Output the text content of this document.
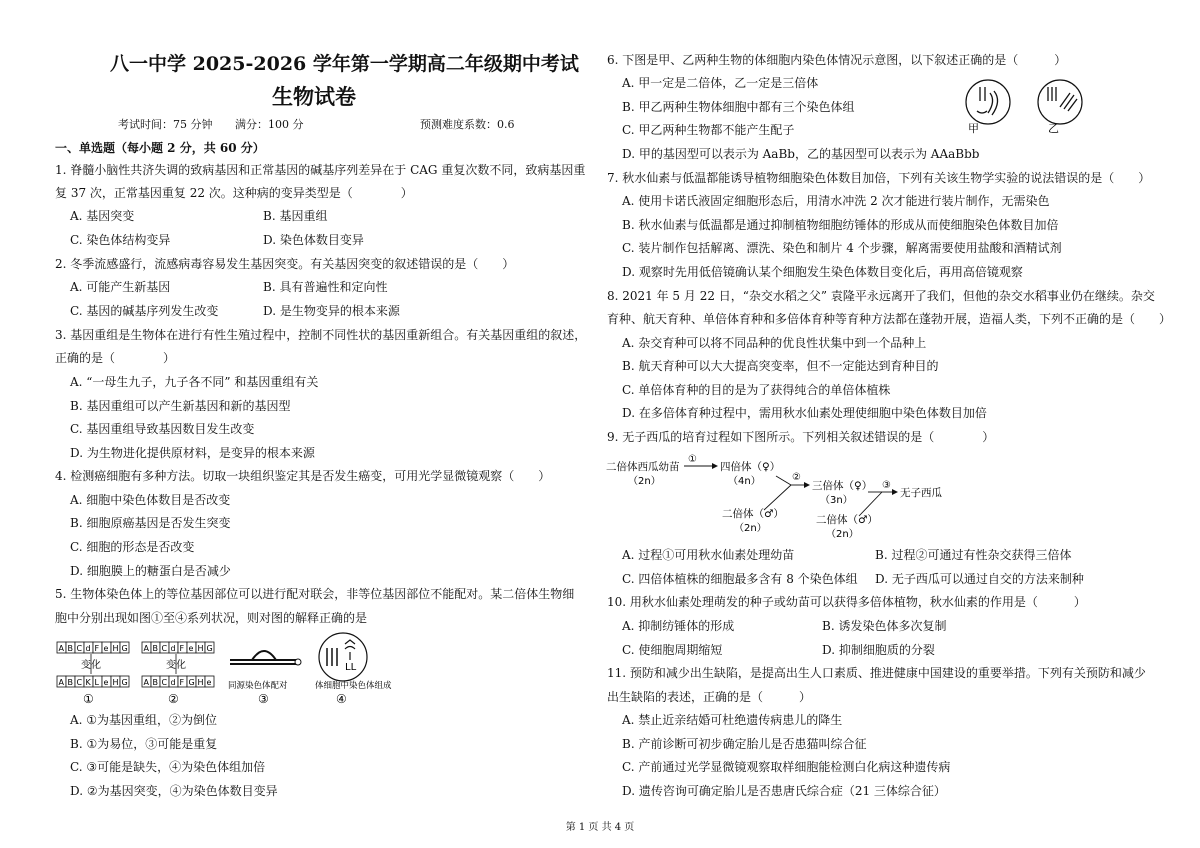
八一中学 2025-2026 学年第一学期高二年级期中考试
生物试卷
考试时间：75 分钟 满分：100 分	预测难度系数：0.6
一、单选题（每小题 2 分，共 60 分）
1. 脊髓小脑性共济失调的致病基因和正常基因的碱基序列差异在于 CAG 重复次数不同，致病基因重
复 37 次，正常基因重复 22 次。这种病的变异类型是（　　　　）
A. 基因突变	B. 基因重组
C. 染色体结构变异	D. 染色体数目变异
2. 冬季流感盛行，流感病毒容易发生基因突变。有关基因突变的叙述错误的是（　　）
A. 可能产生新基因	B. 具有普遍性和定向性
C. 基因的碱基序列发生改变	D. 是生物变异的根本来源
3. 基因重组是生物体在进行有性生殖过程中，控制不同性状的基因重新组合。有关基因重组的叙述，
正确的是（　　　　）
A. “一母生九子，九子各不同” 和基因重组有关
B. 基因重组可以产生新基因和新的基因型
C. 基因重组导致基因数目发生改变
D. 为生物进化提供原材料，是变异的根本来源
4. 检测癌细胞有多种方法。切取一块组织鉴定其是否发生癌变，可用光学显微镜观察（　　）
A. 细胞中染色体数目是否改变
B. 细胞原癌基因是否发生突变
C. 细胞的形态是否改变
D. 细胞膜上的糖蛋白是否减少
5. 生物体染色体上的等位基因部位可以进行配对联会，非等位基因部位不能配对。某二倍体生物细
胞中分别出现如图①至④系列状况，则对图的解释正确的是
A B C d F e H G
A B C K L e H G
A B C d F e H G
A B C d F G H e
变化	变化
①	②
同源染色体配对
③
LL
体细胞中染色体组成
④
A. ①为基因重组，②为倒位
B. ①为易位，③可能是重复
C. ③可能是缺失，④为染色体组加倍
D. ②为基因突变，④为染色体数目变异
6. 下图是甲、乙两种生物的体细胞内染色体情况示意图，以下叙述正确的是（　　　）
A. 甲一定是二倍体，乙一定是三倍体
B. 甲乙两种生物体细胞中都有三个染色体组
C. 甲乙两种生物都不能产生配子
D. 甲的基因型可以表示为 AaBb，乙的基因型可以表示为 AAaBbb
甲	乙
7. 秋水仙素与低温都能诱导植物细胞染色体数目加倍，下列有关该生物学实验的说法错误的是（　　）
A. 使用卡诺氏液固定细胞形态后，用清水冲洗 2 次才能进行装片制作，无需染色
B. 秋水仙素与低温都是通过抑制植物细胞纺锤体的形成从而使细胞染色体数目加倍
C. 装片制作包括解离、漂洗、染色和制片 4 个步骤，解离需要使用盐酸和酒精试剂
D. 观察时先用低倍镜确认某个细胞发生染色体数目变化后，再用高倍镜观察
8. 2021 年 5 月 22 日，“杂交水稻之父” 袁隆平永远离开了我们，但他的杂交水稻事业仍在继续。杂交
育种、航天育种、单倍体育种和多倍体育种等育种方法都在蓬勃开展，造福人类，下列不正确的是（　　）
A. 杂交育种可以将不同品种的优良性状集中到一个品种上
B. 航天育种可以大大提高突变率，但不一定能达到育种目的
C. 单倍体育种的目的是为了获得纯合的单倍体植株
D. 在多倍体育种过程中，需用秋水仙素处理使细胞中染色体数目加倍
9. 无子西瓜的培育过程如下图所示。下列相关叙述错误的是（　　　　）
二倍体西瓜幼苗
（2n）
①
四倍体（♀）
（4n）	②
二倍体（♂）
（2n）
三倍体（♀）
（3n）
③
无子西瓜
二倍体（♂）
（2n）
A. 过程①可用秋水仙素处理幼苗	B. 过程②可通过有性杂交获得三倍体
C. 四倍体植株的细胞最多含有 8 个染色体组 D. 无子西瓜可以通过自交的方法来制种
10. 用秋水仙素处理萌发的种子或幼苗可以获得多倍体植物，秋水仙素的作用是（　　　）
A. 抑制纺锤体的形成	B. 诱发染色体多次复制
C. 使细胞周期缩短	D. 抑制细胞质的分裂
11. 预防和减少出生缺陷，是提高出生人口素质、推进健康中国建设的重要举措。下列有关预防和减少
出生缺陷的表述，正确的是（　　　）
A. 禁止近亲结婚可杜绝遗传病患儿的降生
B. 产前诊断可初步确定胎儿是否患猫叫综合征
C. 产前通过光学显微镜观察取样细胞能检测白化病这种遗传病
D. 遗传咨询可确定胎儿是否患唐氏综合症（21 三体综合征）
第 1 页 共 4 页
